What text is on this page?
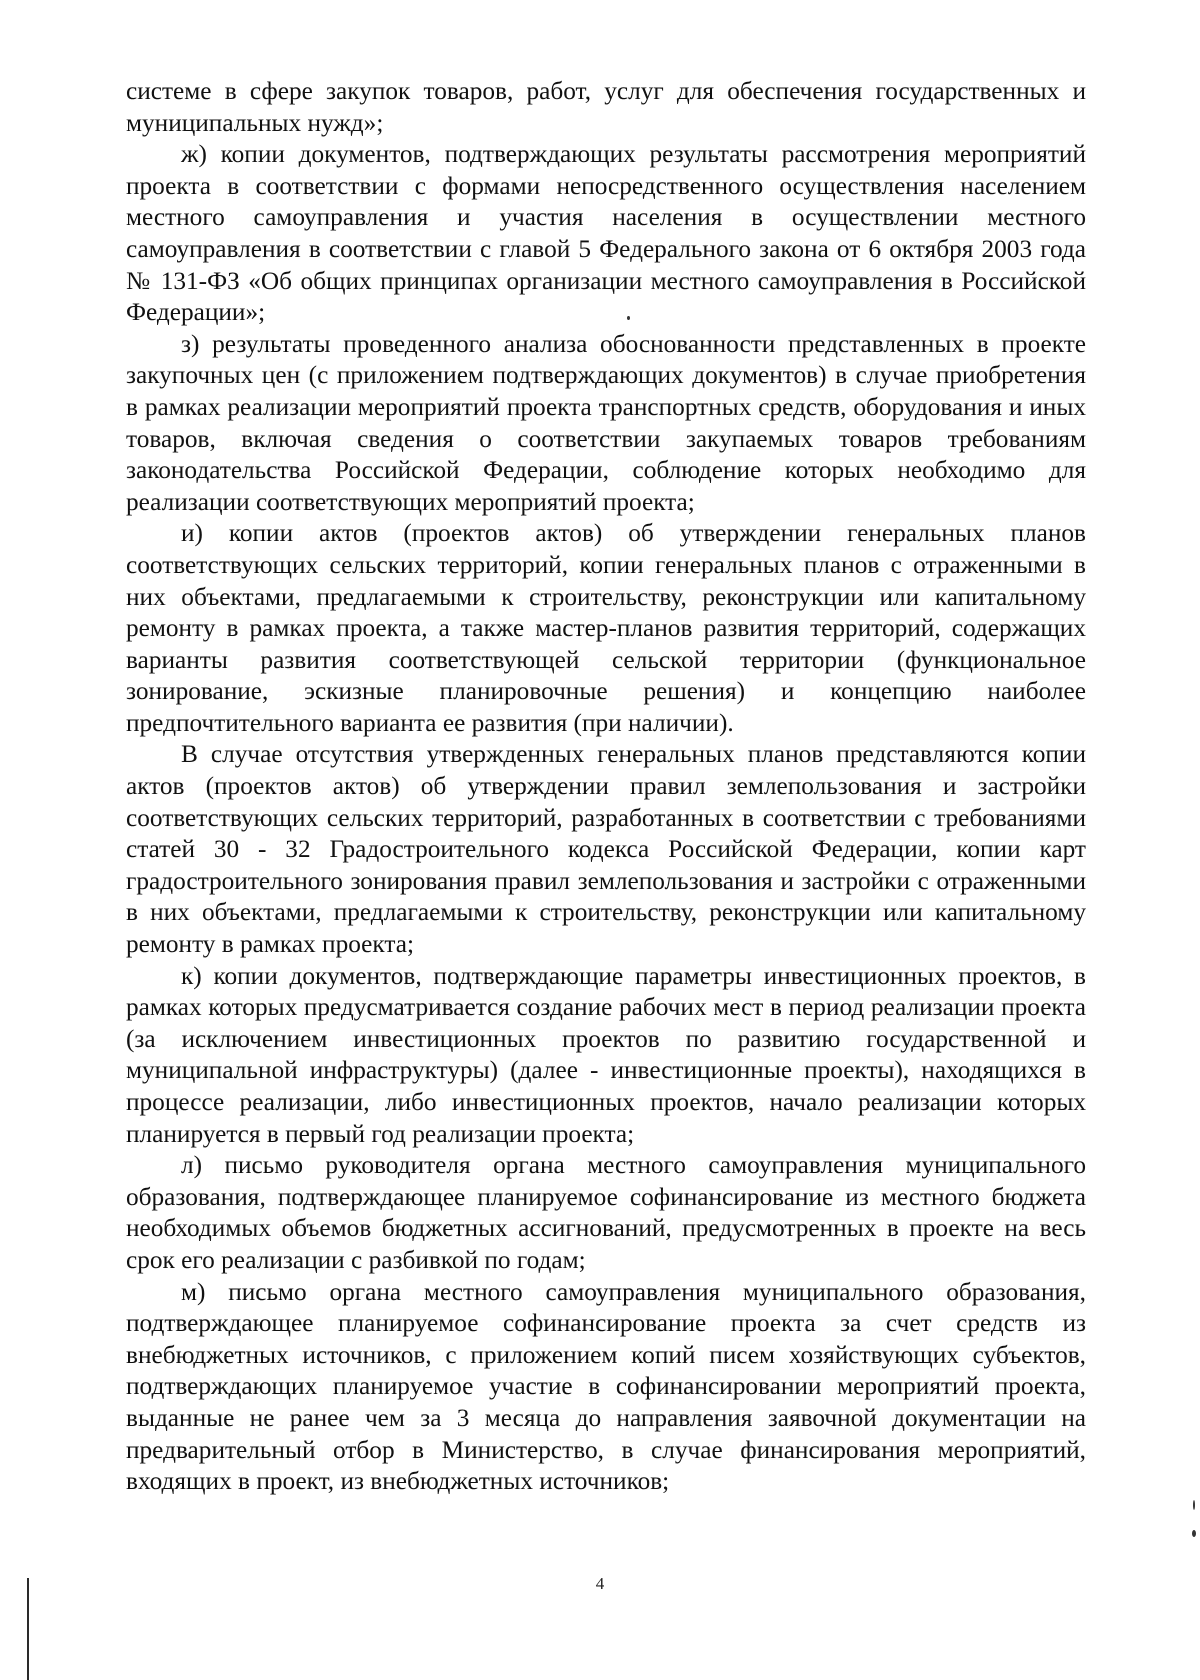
системе в сфере закупок товаров, работ, услуг для обеспечения государственных и муниципальных нужд»;

ж) копии документов, подтверждающих результаты рассмотрения мероприятий проекта в соответствии с формами непосредственного осуществления населением местного самоуправления и участия населения в осуществлении местного самоуправления в соответствии с главой 5 Федерального закона от 6 октября 2003 года № 131-ФЗ «Об общих принципах организации местного самоуправления в Российской Федерации»;

з) результаты проведенного анализа обоснованности представленных в проекте закупочных цен (с приложением подтверждающих документов) в случае приобретения в рамках реализации мероприятий проекта транспортных средств, оборудования и иных товаров, включая сведения о соответствии закупаемых товаров требованиям законодательства Российской Федерации, соблюдение которых необходимо для реализации соответствующих мероприятий проекта;

и) копии актов (проектов актов) об утверждении генеральных планов соответствующих сельских территорий, копии генеральных планов с отраженными в них объектами, предлагаемыми к строительству, реконструкции или капитальному ремонту в рамках проекта, а также мастер-планов развития территорий, содержащих варианты развития соответствующей сельской территории (функциональное зонирование, эскизные планировочные решения) и концепцию наиболее предпочтительного варианта ее развития (при наличии).

В случае отсутствия утвержденных генеральных планов представляются копии актов (проектов актов) об утверждении правил землепользования и застройки соответствующих сельских территорий, разработанных в соответствии с требованиями статей 30 - 32 Градостроительного кодекса Российской Федерации, копии карт градостроительного зонирования правил землепользования и застройки с отраженными в них объектами, предлагаемыми к строительству, реконструкции или капитальному ремонту в рамках проекта;

к) копии документов, подтверждающие параметры инвестиционных проектов, в рамках которых предусматривается создание рабочих мест в период реализации проекта (за исключением инвестиционных проектов по развитию государственной и муниципальной инфраструктуры) (далее - инвестиционные проекты), находящихся в процессе реализации, либо инвестиционных проектов, начало реализации которых планируется в первый год реализации проекта;

л) письмо руководителя органа местного самоуправления муниципального образования, подтверждающее планируемое софинансирование из местного бюджета необходимых объемов бюджетных ассигнований, предусмотренных в проекте на весь срок его реализации с разбивкой по годам;

м) письмо органа местного самоуправления муниципального образования, подтверждающее планируемое софинансирование проекта за счет средств из внебюджетных источников, с приложением копий писем хозяйствующих субъектов, подтверждающих планируемое участие в софинансировании мероприятий проекта, выданные не ранее чем за 3 месяца до направления заявочной документации на предварительный отбор в Министерство, в случае финансирования мероприятий, входящих в проект, из внебюджетных источников;

4
